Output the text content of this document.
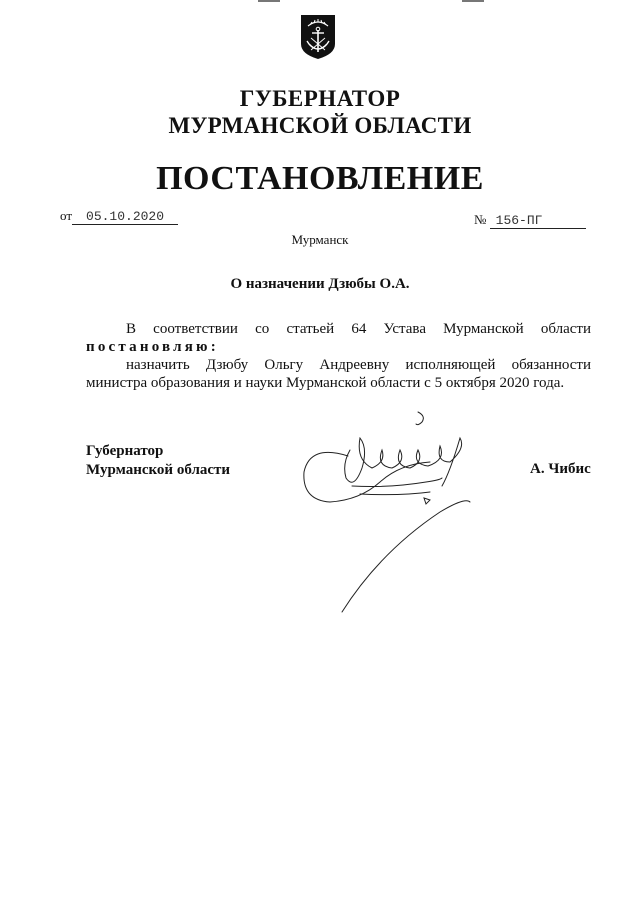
ГУБЕРНАТОР
МУРМАНСКОЙ ОБЛАСТИ
ПОСТАНОВЛЕНИЕ
от 05.10.2020	№ 156-ПГ
Мурманск
О назначении Дзюбы О.А.
В соответствии со статьей 64 Устава Мурманской области
постановляю:
назначить Дзюбу Ольгу Андреевну исполняющей обязанности министра образования и науки Мурманской области с 5 октября 2020 года.
Губернатор
Мурманской области	А. Чибис
